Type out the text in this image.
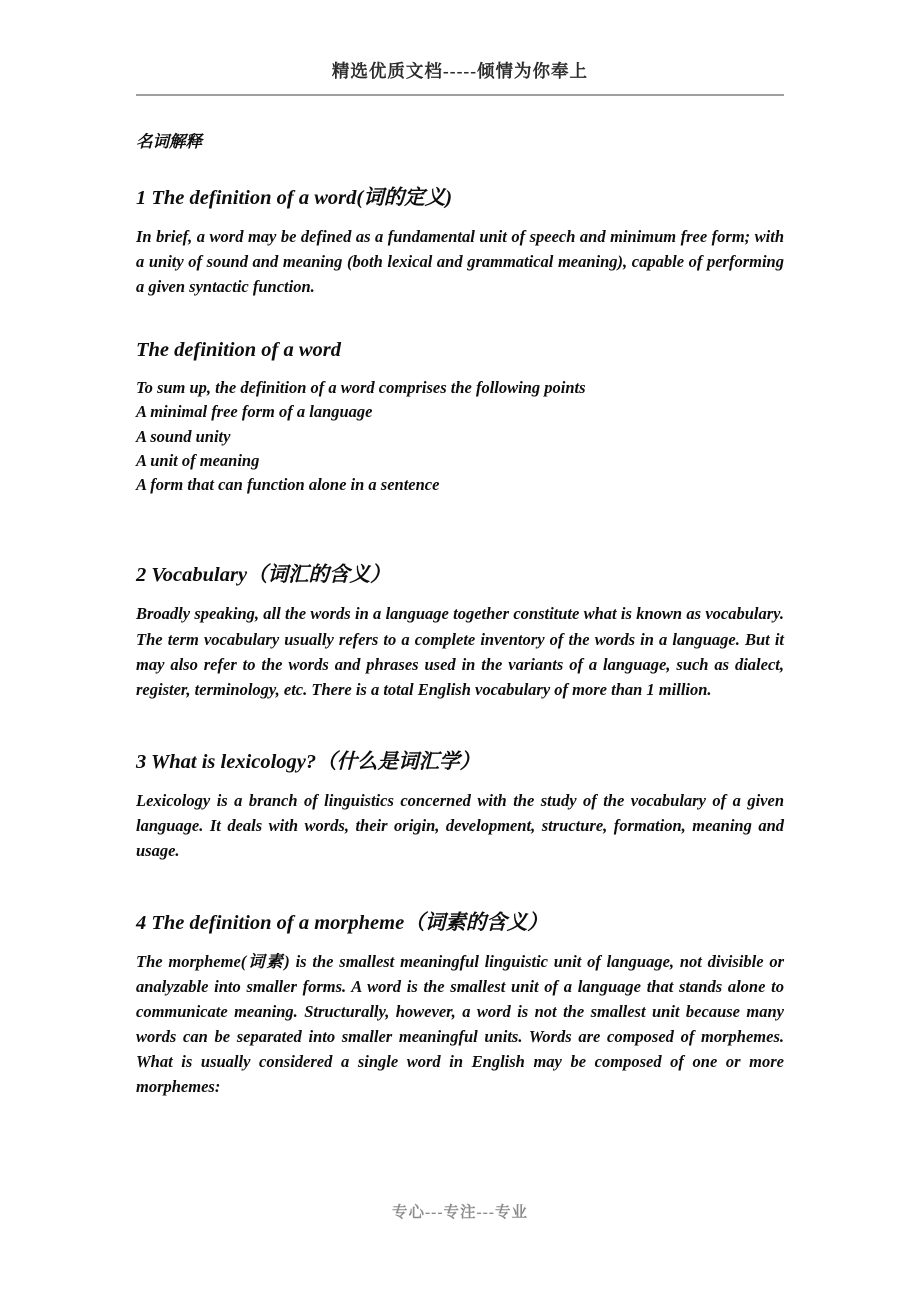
精选优质文档-----倾情为你奉上
名词解释
1 The definition of a word(词的定义)

In brief, a word may be defined as a fundamental unit of speech and minimum free form; with a unity of sound and meaning (both lexical and grammatical meaning), capable of performing a given syntactic function.

The definition of a word
To sum up, the definition of a word comprises the following points
A minimal free form of a language
A sound unity
A unit of meaning
A form that can function alone in a sentence
2 Vocabulary（词汇的含义）

Broadly speaking, all the words in a language together constitute what is known as vocabulary. The term vocabulary usually refers to a complete inventory of the words in a language. But it may also refer to the words and phrases used in the variants of a language, such as dialect, register, terminology, etc. There is a total English vocabulary of more than 1 million.

3 What is lexicology?（什么是词汇学）

Lexicology is a branch of linguistics concerned with the study of the vocabulary of a given language. It deals with words, their origin, development, structure, formation, meaning and usage.

4 The definition of a morpheme（词素的含义）

The morpheme(词素) is the smallest meaningful linguistic unit of language, not divisible or analyzable into smaller forms. A word is the smallest unit of a language that stands alone to communicate meaning. Structurally, however, a word is not the smallest unit because many words can be separated into smaller meaningful units. Words are composed of morphemes. What is usually considered a single word in English may be composed of one or more morphemes:

专心---专注---专业
